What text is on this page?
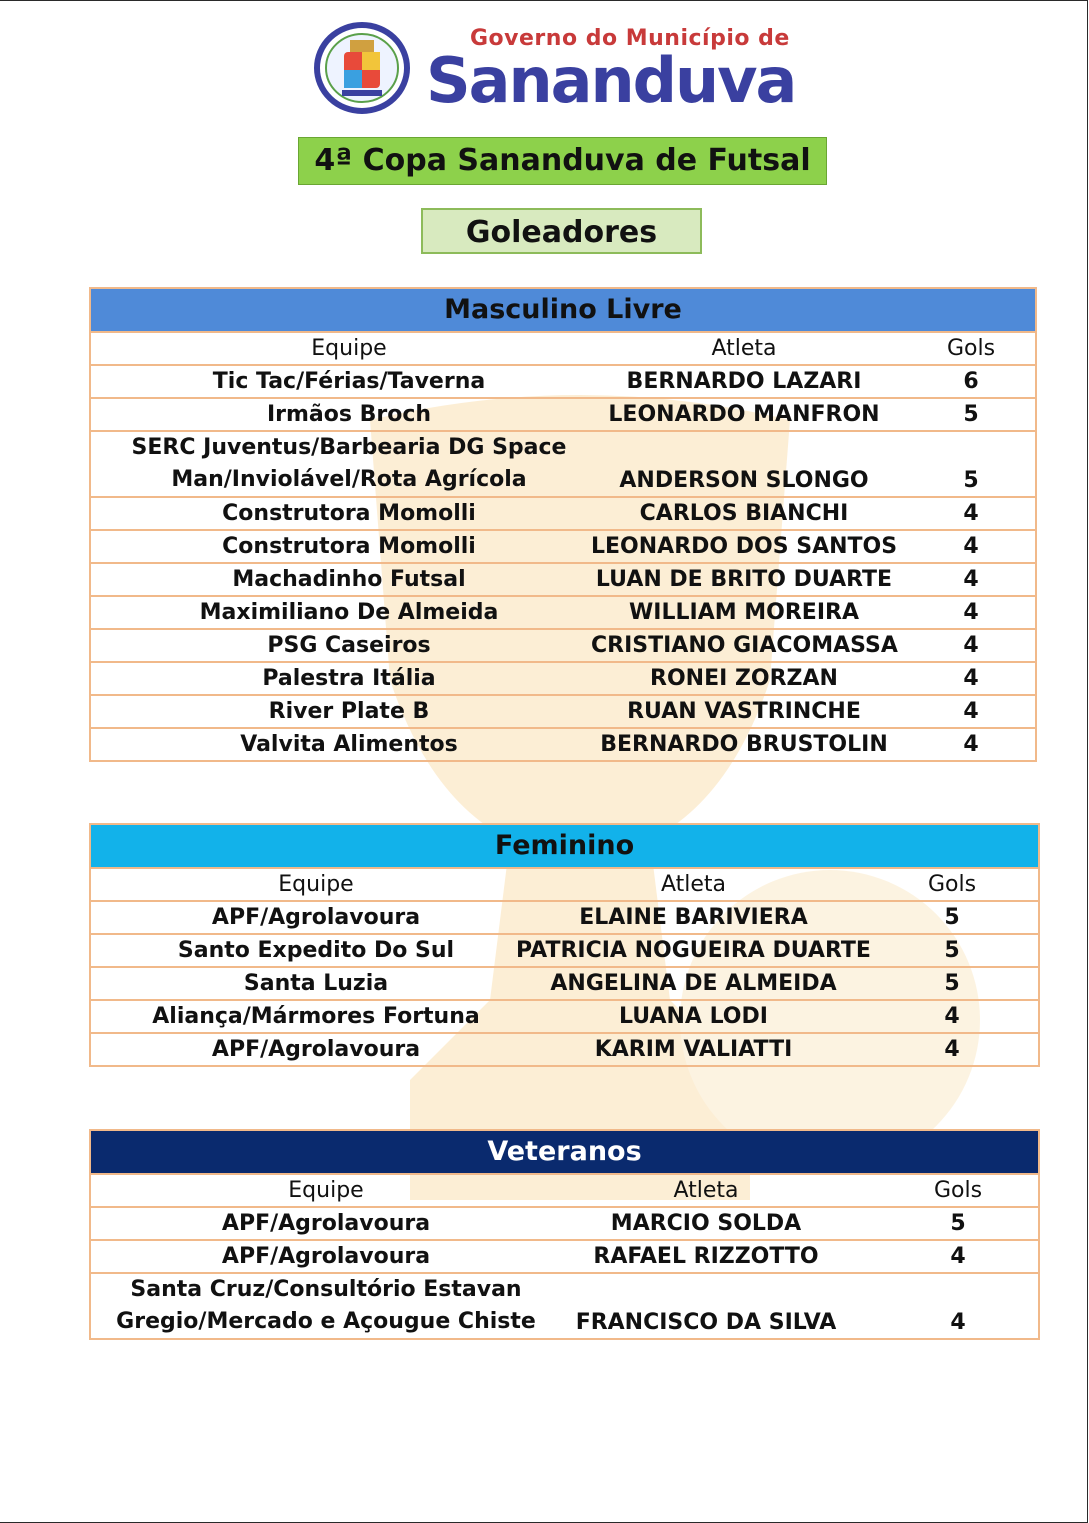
Governo do Município de
Sananduva
4ª Copa Sananduva de Futsal
Goleadores
Masculino Livre
Equipe	Atleta	Gols
Tic Tac/Férias/Taverna	BERNARDO LAZARI	6
Irmãos Broch	LEONARDO MANFRON	5
SERC Juventus/Barbearia DG Space
Man/Inviolável/Rota Agrícola	ANDERSON SLONGO	5
Construtora Momolli	CARLOS BIANCHI	4
Construtora Momolli	LEONARDO DOS SANTOS	4
Machadinho Futsal	LUAN DE BRITO DUARTE	4
Maximiliano De Almeida	WILLIAM MOREIRA	4
PSG Caseiros	CRISTIANO GIACOMASSA	4
Palestra Itália	RONEI ZORZAN	4
River Plate B	RUAN VASTRINCHE	4
Valvita Alimentos	BERNARDO BRUSTOLIN	4
Feminino
Equipe	Atleta	Gols
APF/Agrolavoura	ELAINE BARIVIERA	5
Santo Expedito Do Sul	PATRICIA NOGUEIRA DUARTE	5
Santa Luzia	ANGELINA DE ALMEIDA	5
Aliança/Mármores Fortuna	LUANA LODI	4
APF/Agrolavoura	KARIM VALIATTI	4
Veteranos
Equipe	Atleta	Gols
APF/Agrolavoura	MARCIO SOLDA	5
APF/Agrolavoura	RAFAEL RIZZOTTO	4
Santa Cruz/Consultório Estavan
Gregio/Mercado e Açougue Chiste	FRANCISCO DA SILVA	4
